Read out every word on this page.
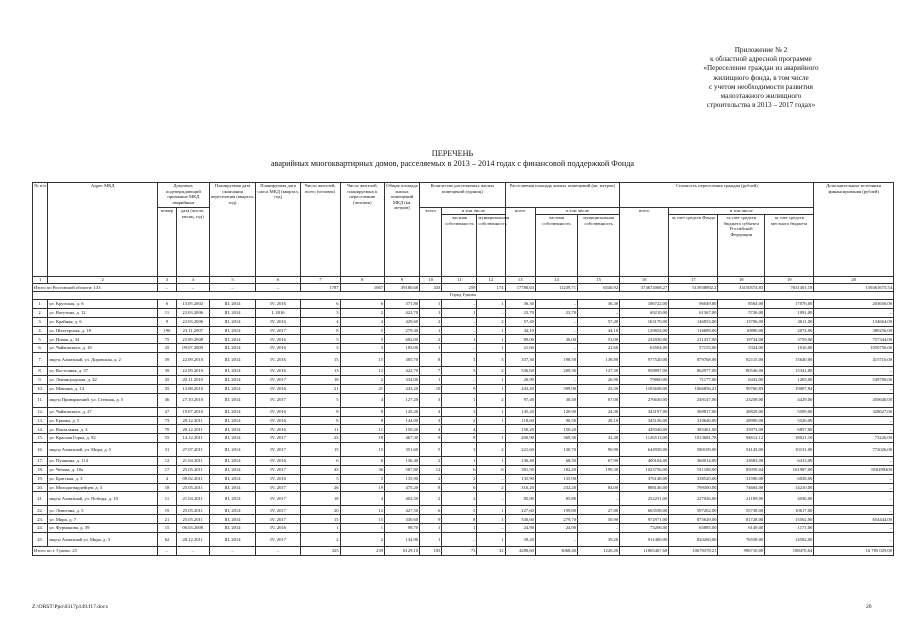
Приложение № 2
к областной адресной программе
«Переселение граждан из аварийного
жилищного фонда, в том числе
с учетом необходимости развития
малоэтажного жилищного
строительства в 2013 – 2017 годах»
ПЕРЕЧЕНЬ
аварийных многоквартирных домов, расселяемых в 2013 – 2014 годах с финансовой поддержкой Фонда
№ п/п	Адрес МКД	Документ, подтверждающий признание МКД аварийным		Планируемая дата окончания переселения (квартал, год)	Планируемая дата сноса МКД (квартал, год)	Число жителей, всего (человек)	Число жителей, планируемых к переселению (человек)	Общая площадь жилых помещений МКД (кв. метров)	Количество расселяемых жилых помещений (единиц)			Расселяемая площадь жилых помещений (кв. метров)			Стоимость переселения граждан (рублей)				Дополнительные источники финансирования (рублей)
		номер	дата (число, месяц, год)						всего	в том числе		всего	в том числе		всего	в том числе			
										частная собственность	муниципальная собственность		частная собственность	муниципальная собственность		за счет средств Фонда	за счет средств бюджета субъекта Российской Федерации	за счет средств местного бюджета	
1	2	3	4	5	6	7	8	9	10	11	12	13	14	15	16	17	18	19	20
Итого по Ростовской области: 133		–	–	–	–	1787	1067	39180,68	433	259	174	17780,63	11239,71	6540,92	574672068,27	513938892,2	33150574,83	7631301,18	159461675,54
Город Гуково																			
1.	ул. Крупская, д. 6	6	13.05.2002	III, 2014	IV, 2016	6	6	371,80	1	–	1	36,30	–	36,30	106722,00	96049,80	8564,00	17076,00	203656,00
2.	ул. Ватутина, д. 12	11	22.03.2006	III, 2014	I, 2016	3	2	422,70	1	1	–	23,70	23,70	–	69210,00	61367,00	5726,00	1091,00	–
3.	ул. Крайняя, д. 6	9	22.03.2006	III, 2014	IV, 2016	4	4	429,60	2	–	2	57,40	–	57,40	163170,00	146853,00	13706,00	2611,00	134664,00
4.	ул. Шахтерская, д. 18	196	23.11.2007	III, 2014	IV, 2017	8	5	279,40	1	–	1	44,10	–	44,10	129654,00	116689,00	10890,00	2074,00	389256,00
5.	ул. Новая, д. 34	75	25.09.2008	III, 2014	IV, 2016	5	5	682,00	2	1	1	89,00	36,00	53,00	234930,00	211437,00	19734,00	3759,00	757344,00
6.	ул. Чайковского, д. 18	25	09.07.2009	III, 2014	IV, 2016	3	3	183,00	1	–	1	21,60	–	21,60	63504,00	57155,00	5334,00	1016,00	1050756,00
7.	мкр-н Алмазный, ул. Доровская, д. 2	39	22.09.2010	III, 2014	IV, 2016	15	15	385,70	8	5	3	337,30	198,50	138,80	977520,00	879768,00	82115,00	15640,00	415716,00
8.	ул. Восточная, д. 57	39	22.09.2010	III, 2014	IV, 2016	13	12	422,70	7	5	2	336,60	209,30	127,30	958897,00	862977,00	80546,00	15341,00	–
9.	ул. Ленинградская, д. 42	35	20.11.2010	III, 2014	IV, 2017	18	2	334,00	1	–	1	26,90	–	26,90	79060,00	71177,00	6432,00	1265,00	549780,00
10.	ул. Машина, д. 14	35	13.08.2010	III, 2014	IV, 2016	21	21	443,20	10	9	1	443,20	399,90	43,30	1183658,00	1066856,21	99760,83	19007,84	–
11.	мкр-н Приваржений, ул. Степная, д. 5	46	27.10.2010	III, 2014	IV, 2017	5	4	127,20	3	1	2	97,40	30,40	67,00	276630,00	249147,00	23258,00	4429,00	450640,00
12.	ул. Чайковского, д. 27	27	19.07.2010	III, 2014	IV, 2016	8	8	145,20	4	3	1	145,20	120,90	24,30	343197,00	308817,00	28829,00	5509,00	328627,00
13.	ул. Ермака, д. 5	73	28.12.2011	III, 2014	IV, 2016	8	8	144,00	3	2	1	118,60	90,50	28,10	345156,00	310640,00	28990,00	5526,00	–
14.	ул. Вокзальная, д. 4	70	28.12.2011	III, 2014	IV, 2016	11	11	150,20	4	4	–	150,20	150,20	–	428340,00	385461,00	35973,00	6857,00	–
15.	ул. Красная Горка, д. 92	55	14.12.2011	III, 2014	IV, 2017	23	18	467,30	9	8	1	400,90	369,30	32,40	1126513,00	1013681,78	94612,12	18021,10	73226,00
16.	мкр-н Алмазный, ул. Мира, д. 5	31	27.07.2011	III, 2014	IV, 2017	15	15	351,60	5	3	2	221,60	130,70	90,90	644939,00	580109,00	54143,00	10131,00	772026,00
17.	ул. Пушкина, д. 114	12	21.04.2011	III, 2014	IV, 2016	6	6	136,40	2	1	1	136,40	68,50	67,90	400104,00	360014,00	33683,00	6413,00	–
18.	ул. Чехова, д. 18а	17	25.05.2011	III, 2014	IV, 2017	43	36	587,80	12	6	6	381,50	182,20	199,30	1023756,00	911188,00	85059,04	161987,00	850498400
19.	ул. Братская, д. 3	4	09.02.2011	III, 2014	IV, 2016	5	5	135,90	2	2	–	135,90	135,90	–	376148,00	338520,00	31590,00	6038,00	–
20.	ул. Молодогвардейцев, д. 3	18	25.05.2011	III, 2014	IV, 2017	26	19	475,20	8	6	2	316,20	232,20	84,00	888146,00	799300,00	74604,00	14210,00	–
21.	мкр-н Алмазный, ул. Победы, д. 10	11	21.04.2011	III, 2014	IV, 2017	18	4	402,50	2	2	–	85,80	85,80	–	252251,00	227026,00	21189,00	4036,00	–
22.	ул. Левитана, д. 5	19	25.05.2011	III, 2014	IV, 2017	20	12	427,50	6	5	1	227,60	199,80	27,80	663558,00	597202,00	55738,00	10617,00	–
23.	ул. Мира, д. 7	21	25.05.2011	III, 2014	IV, 2017	15	15	330,60	9	8	1	330,60	279,70	50,90	972971,00	875629,00	81728,00	15562,00	654444,00
24.	ул. Фурманова, д. 39	15	06.03.2008	III, 2014	IV, 2016	1	1	98,70	1	1	–	24,90	24,90	–	73206,00	65885,00	6149,00	1171,00	–
25.	мкр-н Алмазный ул. Мира, д. 3	62	28.12.2011	III, 2014	IV, 2017	2	2	134,90	1	–	1	39,20	–	39,20	911400,00	820260,00	76558,00	14582,00	–
Итого по г. Гуково: 25		–	–	–	–	325	239	8129,10	105	73	32	4288,60	3068,40	1220,20	11865467,68	10678378,21	996710,00	188470,64	16 785 029,00
Z:\ORST\Ppo\0317p149.f17.docx	20
